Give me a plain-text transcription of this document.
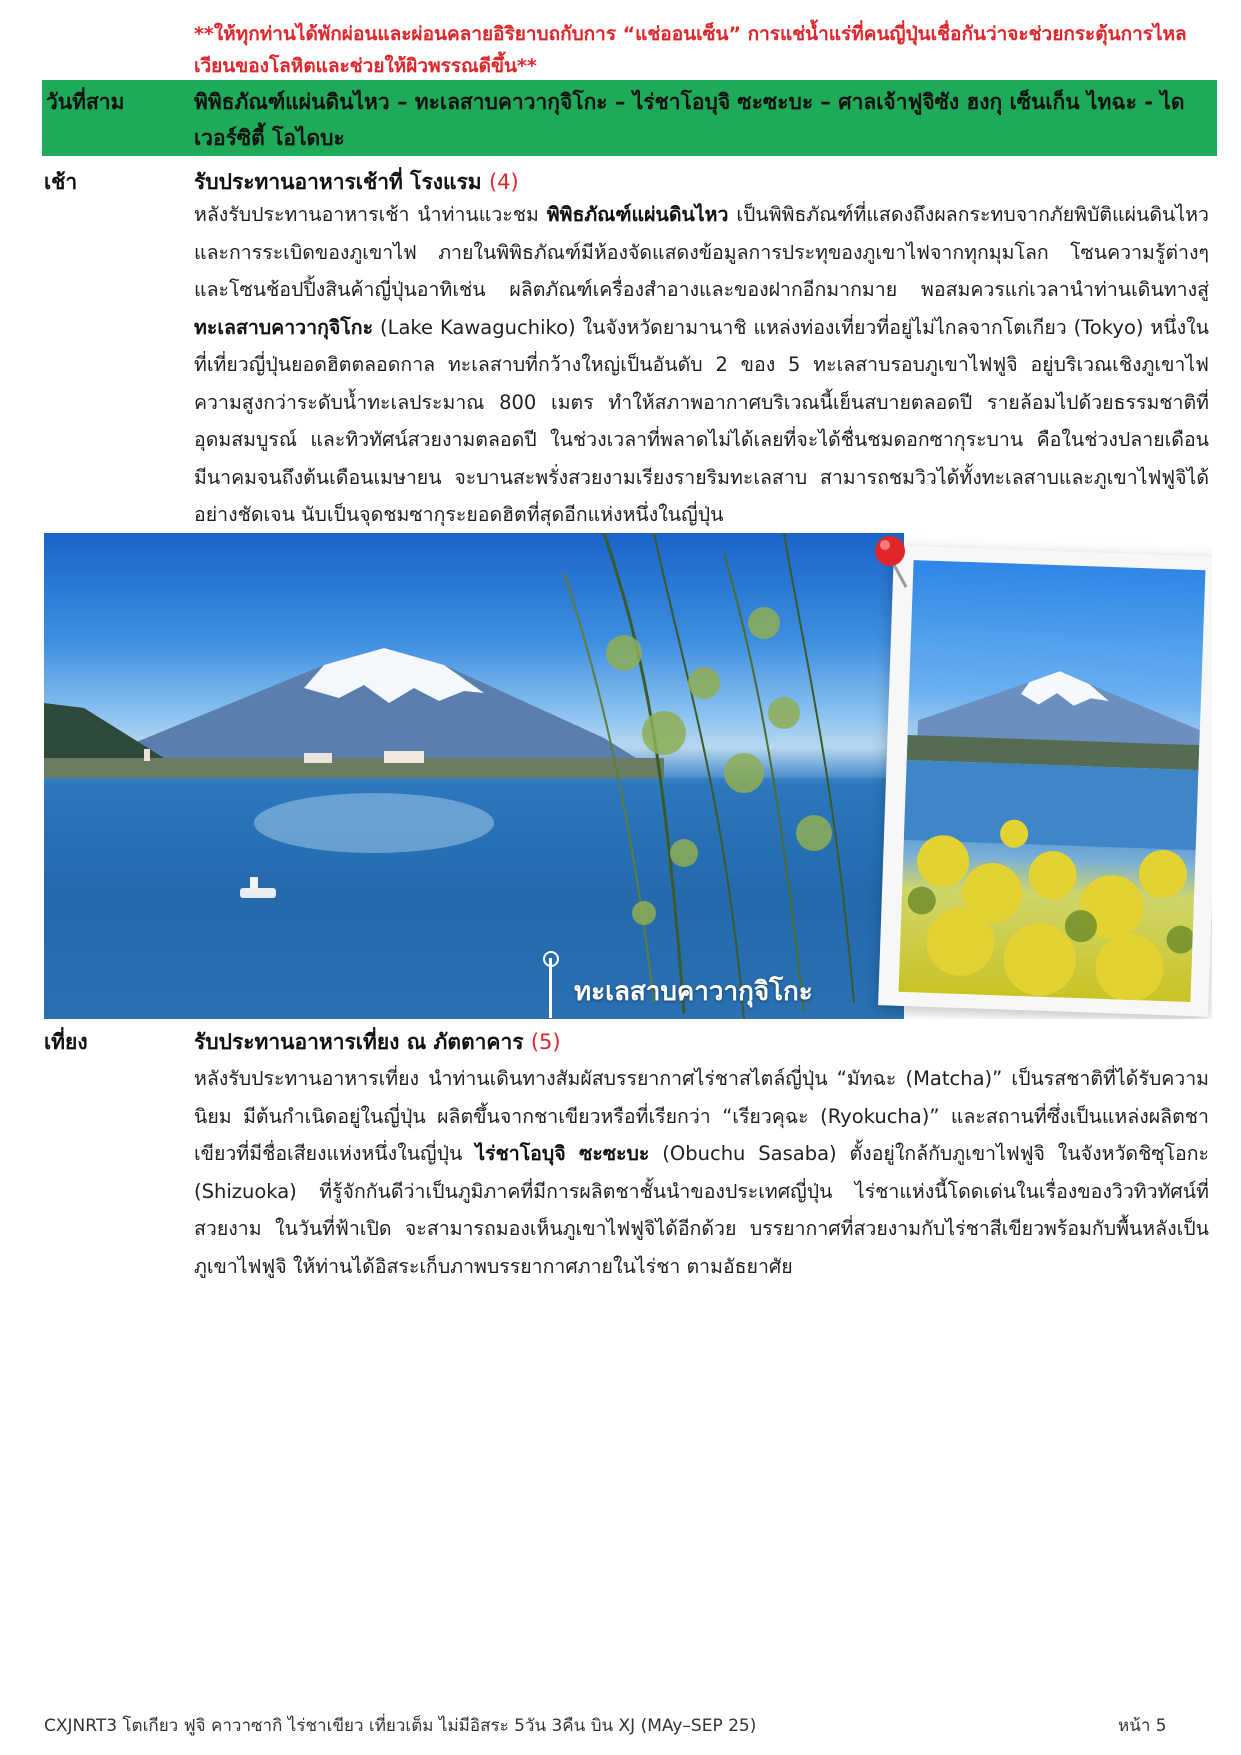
**ให้ทุกท่านได้พักผ่อนและผ่อนคลายอิริยาบถกับการ “แช่ออนเซ็น” การแช่น้ำแร่ที่คนญี่ปุ่นเชื่อกันว่าจะช่วยกระตุ้นการไหลเวียนของโลหิตและช่วยให้ผิวพรรณดีขึ้น**
วันที่สาม	พิพิธภัณฑ์แผ่นดินไหว – ทะเลสาบคาวากุจิโกะ – ไร่ชาโอบุจิ ซะซะบะ – ศาลเจ้าฟูจิซัง ฮงกุ เซ็นเก็น ไทฉะ - ไดเวอร์ซิตี้ โอไดบะ
เช้า	รับประทานอาหารเช้าที่ โรงแรม (4)
หลังรับประทานอาหารเช้า นำท่านแวะชม พิพิธภัณฑ์แผ่นดินไหว เป็นพิพิธภัณฑ์ที่แสดงถึงผลกระทบจากภัยพิบัติแผ่นดินไหวและการระเบิดของภูเขาไฟ ภายในพิพิธภัณฑ์มีห้องจัดแสดงข้อมูลการประทุของภูเขาไฟจากทุกมุมโลก โซนความรู้ต่างๆและโซนช้อปปิ้งสินค้าญี่ปุ่นอาทิเช่น ผลิตภัณฑ์เครื่องสำอางและของฝากอีกมากมาย พอสมควรแก่เวลานำท่านเดินทางสู่ ทะเลสาบคาวากุจิโกะ (Lake Kawaguchiko) ในจังหวัดยามานาชิ แหล่งท่องเที่ยวที่อยู่ไม่ไกลจากโตเกียว (Tokyo) หนึ่งในที่เที่ยวญี่ปุ่นยอดฮิตตลอดกาล ทะเลสาบที่กว้างใหญ่เป็นอันดับ 2 ของ 5 ทะเลสาบรอบภูเขาไฟฟูจิ อยู่บริเวณเชิงภูเขาไฟ ความสูงกว่าระดับน้ำทะเลประมาณ 800 เมตร ทำให้สภาพอากาศบริเวณนี้เย็นสบายตลอดปี รายล้อมไปด้วยธรรมชาติที่อุดมสมบูรณ์ และทิวทัศน์สวยงามตลอดปี ในช่วงเวลาที่พลาดไม่ได้เลยที่จะได้ชื่นชมดอกซากุระบาน คือในช่วงปลายเดือนมีนาคมจนถึงต้นเดือนเมษายน จะบานสะพรั่งสวยงามเรียงรายริมทะเลสาบ สามารถชมวิวได้ทั้งทะเลสาบและภูเขาไฟฟูจิได้อย่างชัดเจน นับเป็นจุดชมซากุระยอดฮิตที่สุดอีกแห่งหนึ่งในญี่ปุ่น
ทะเลสาบคาวากุจิโกะ
เที่ยง	รับประทานอาหารเที่ยง ณ ภัตตาคาร (5)
หลังรับประทานอาหารเที่ยง นำท่านเดินทางสัมผัสบรรยากาศไร่ชาสไตล์ญี่ปุ่น “มัทฉะ (Matcha)” เป็นรสชาติที่ได้รับความนิยม มีต้นกำเนิดอยู่ในญี่ปุ่น ผลิตขึ้นจากชาเขียวหรือที่เรียกว่า “เรียวคุฉะ (Ryokucha)” และสถานที่ซึ่งเป็นแหล่งผลิตชาเขียวที่มีชื่อเสียงแห่งหนึ่งในญี่ปุ่น ไร่ชาโอบุจิ ซะซะบะ (Obuchu Sasaba) ตั้งอยู่ใกล้กับภูเขาไฟฟูจิ ในจังหวัดชิซุโอกะ (Shizuoka) ที่รู้จักกันดีว่าเป็นภูมิภาคที่มีการผลิตชาชั้นนำของประเทศญี่ปุ่น ไร่ชาแห่งนี้โดดเด่นในเรื่องของวิวทิวทัศน์ที่สวยงาม ในวันที่ฟ้าเปิด จะสามารถมองเห็นภูเขาไฟฟูจิได้อีกด้วย บรรยากาศที่สวยงามกับไร่ชาสีเขียวพร้อมกับพื้นหลังเป็นภูเขาไฟฟูจิ ให้ท่านได้อิสระเก็บภาพบรรยากาศภายในไร่ชา ตามอัธยาศัย
CXJNRT3 โตเกียว ฟูจิ คาวาซากิ ไร่ชาเขียว เที่ยวเต็ม ไม่มีอิสระ 5วัน 3คืน บิน XJ (MAy–SEP 25)	หน้า 5
